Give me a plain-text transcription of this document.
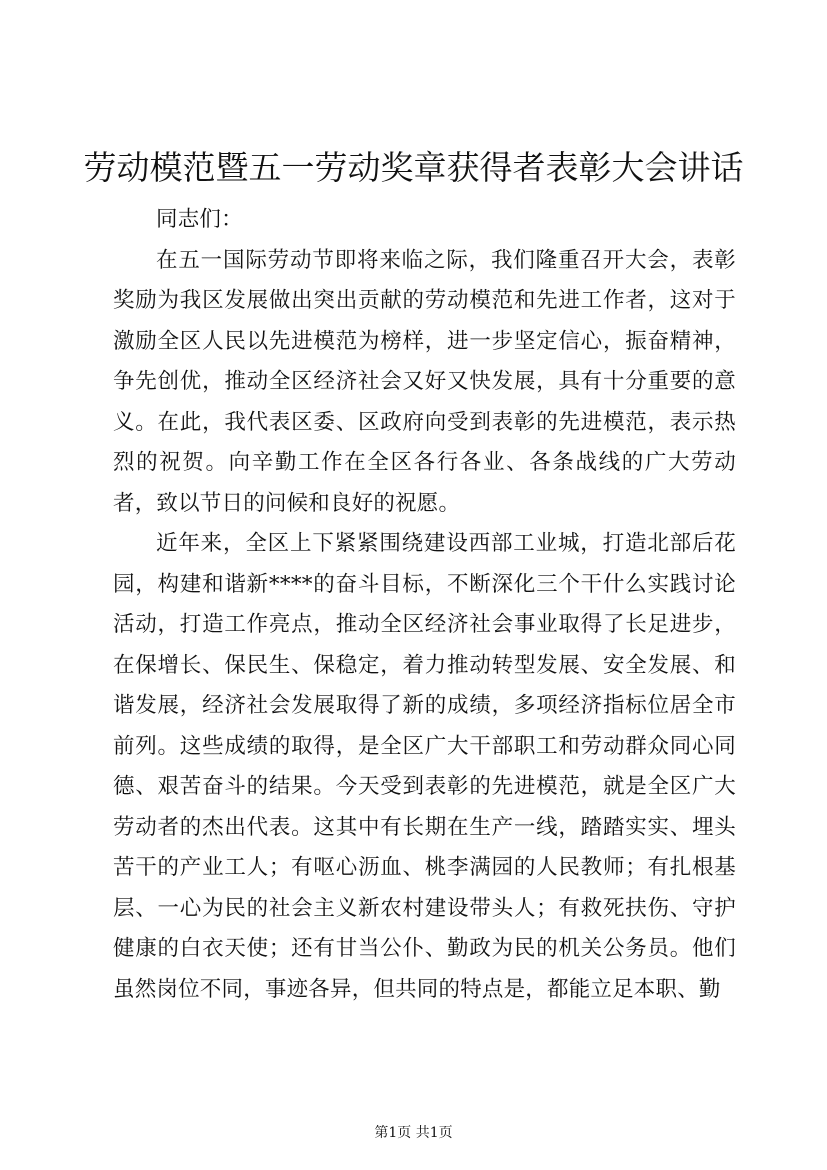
劳动模范暨五一劳动奖章获得者表彰大会讲话

同志们：

在五一国际劳动节即将来临之际，我们隆重召开大会，表彰奖励为我区发展做出突出贡献的劳动模范和先进工作者，这对于激励全区人民以先进模范为榜样，进一步坚定信心，振奋精神，争先创优，推动全区经济社会又好又快发展，具有十分重要的意义。在此，我代表区委、区政府向受到表彰的先进模范，表示热烈的祝贺。向辛勤工作在全区各行各业、各条战线的广大劳动者，致以节日的问候和良好的祝愿。

近年来，全区上下紧紧围绕建设西部工业城，打造北部后花园，构建和谐新****的奋斗目标，不断深化三个干什么实践讨论活动，打造工作亮点，推动全区经济社会事业取得了长足进步，在保增长、保民生、保稳定，着力推动转型发展、安全发展、和谐发展，经济社会发展取得了新的成绩，多项经济指标位居全市前列。这些成绩的取得，是全区广大干部职工和劳动群众同心同德、艰苦奋斗的结果。今天受到表彰的先进模范，就是全区广大劳动者的杰出代表。这其中有长期在生产一线，踏踏实实、埋头苦干的产业工人；有呕心沥血、桃李满园的人民教师；有扎根基层、一心为民的社会主义新农村建设带头人；有救死扶伤、守护健康的白衣天使；还有甘当公仆、勤政为民的机关公务员。他们虽然岗位不同，事迹各异，但共同的特点是，都能立足本职、勤

第1页 共1页
